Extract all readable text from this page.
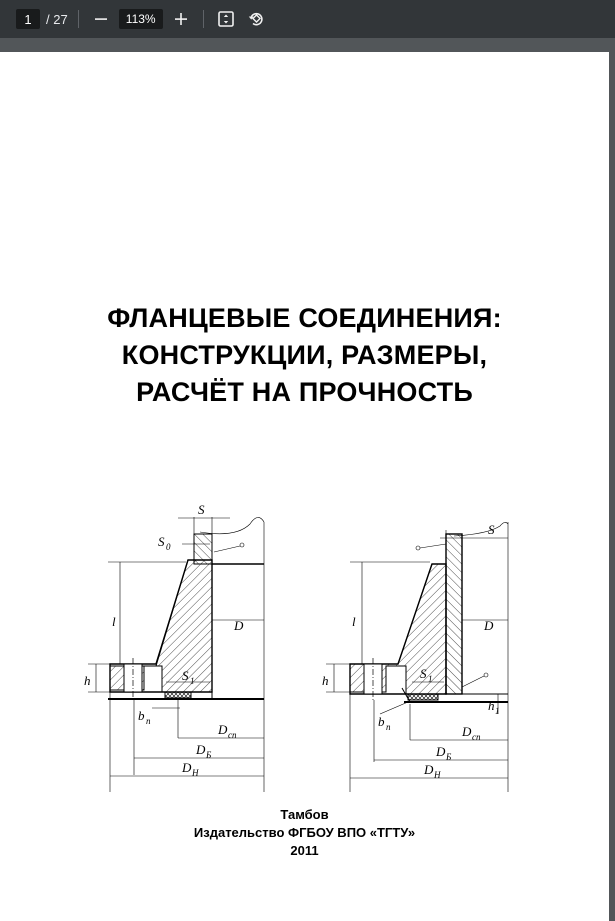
1	/ 27	113%
ФЛАНЦЕВЫЕ СОЕДИНЕНИЯ:
КОНСТРУКЦИИ, РАЗМЕРЫ,
РАСЧЁТ НА ПРОЧНОСТЬ
S
S 0
l	D
h	S 1
b п
D сп
D Б
D Н
S
l	D
h	S 1
h 1
b п	D сп
D Б
D Н
Тамбов
Издательство ФГБОУ ВПО «ТГТУ»
2011
